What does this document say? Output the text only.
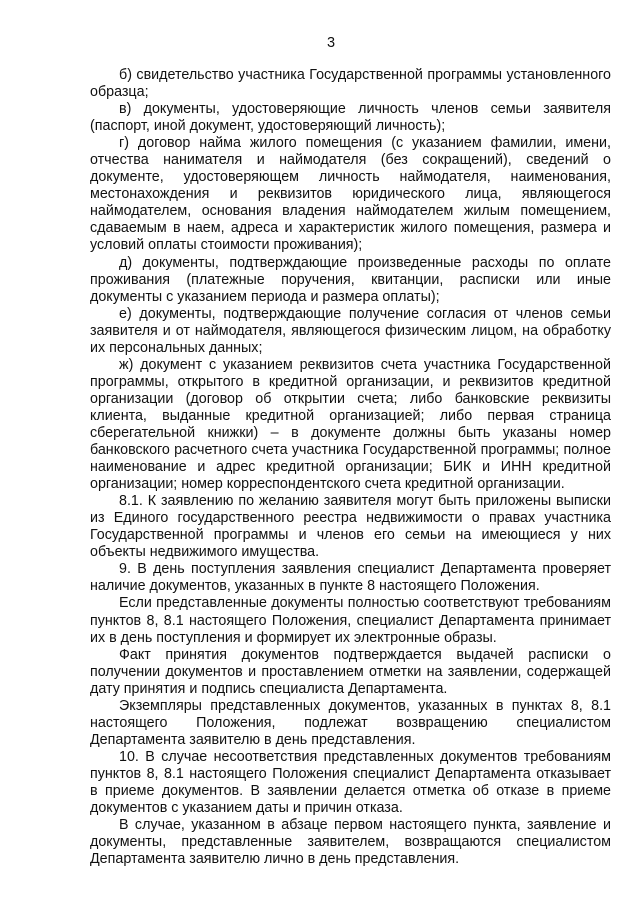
3

б) свидетельство участника Государственной программы установленного образца;

в) документы, удостоверяющие личность членов семьи заявителя (паспорт, иной документ, удостоверяющий личность);

г) договор найма жилого помещения (с указанием фамилии, имени, отчества нанимателя и наймодателя (без сокращений), сведений о документе, удостоверяющем личность наймодателя, наименования, местонахождения и реквизитов юридического лица, являющегося наймодателем, основания владения наймодателем жилым помещением, сдаваемым в наем, адреса и характеристик жилого помещения, размера и условий оплаты стоимости проживания);

д) документы, подтверждающие произведенные расходы по оплате проживания (платежные поручения, квитанции, расписки или иные документы с указанием периода и размера оплаты);

е) документы, подтверждающие получение согласия от членов семьи заявителя и от наймодателя, являющегося физическим лицом, на обработку их персональных данных;

ж) документ с указанием реквизитов счета участника Государственной программы, открытого в кредитной организации, и реквизитов кредитной организации (договор об открытии счета; либо банковские реквизиты клиента, выданные кредитной организацией; либо первая страница сберегательной книжки) – в документе должны быть указаны номер банковского расчетного счета участника Государственной программы; полное наименование и адрес кредитной организации; БИК и ИНН кредитной организации; номер корреспондентского счета кредитной организации.

8.1. К заявлению по желанию заявителя могут быть приложены выписки из Единого государственного реестра недвижимости о правах участника Государственной программы и членов его семьи на имеющиеся у них объекты недвижимого имущества.

9. В день поступления заявления специалист Департамента проверяет наличие документов, указанных в пункте 8 настоящего Положения.

Если представленные документы полностью соответствуют требованиям пунктов 8, 8.1 настоящего Положения, специалист Департамента принимает их в день поступления и формирует их электронные образы.

Факт принятия документов подтверждается выдачей расписки о получении документов и проставлением отметки на заявлении, содержащей дату принятия и подпись специалиста Департамента.

Экземпляры представленных документов, указанных в пунктах 8, 8.1 настоящего Положения, подлежат возвращению специалистом Департамента заявителю в день представления.

10. В случае несоответствия представленных документов требованиям пунктов 8, 8.1 настоящего Положения специалист Департамента отказывает в приеме документов. В заявлении делается отметка об отказе в приеме документов с указанием даты и причин отказа.

В случае, указанном в абзаце первом настоящего пункта, заявление и документы, представленные заявителем, возвращаются специалистом Департамента заявителю лично в день представления.
